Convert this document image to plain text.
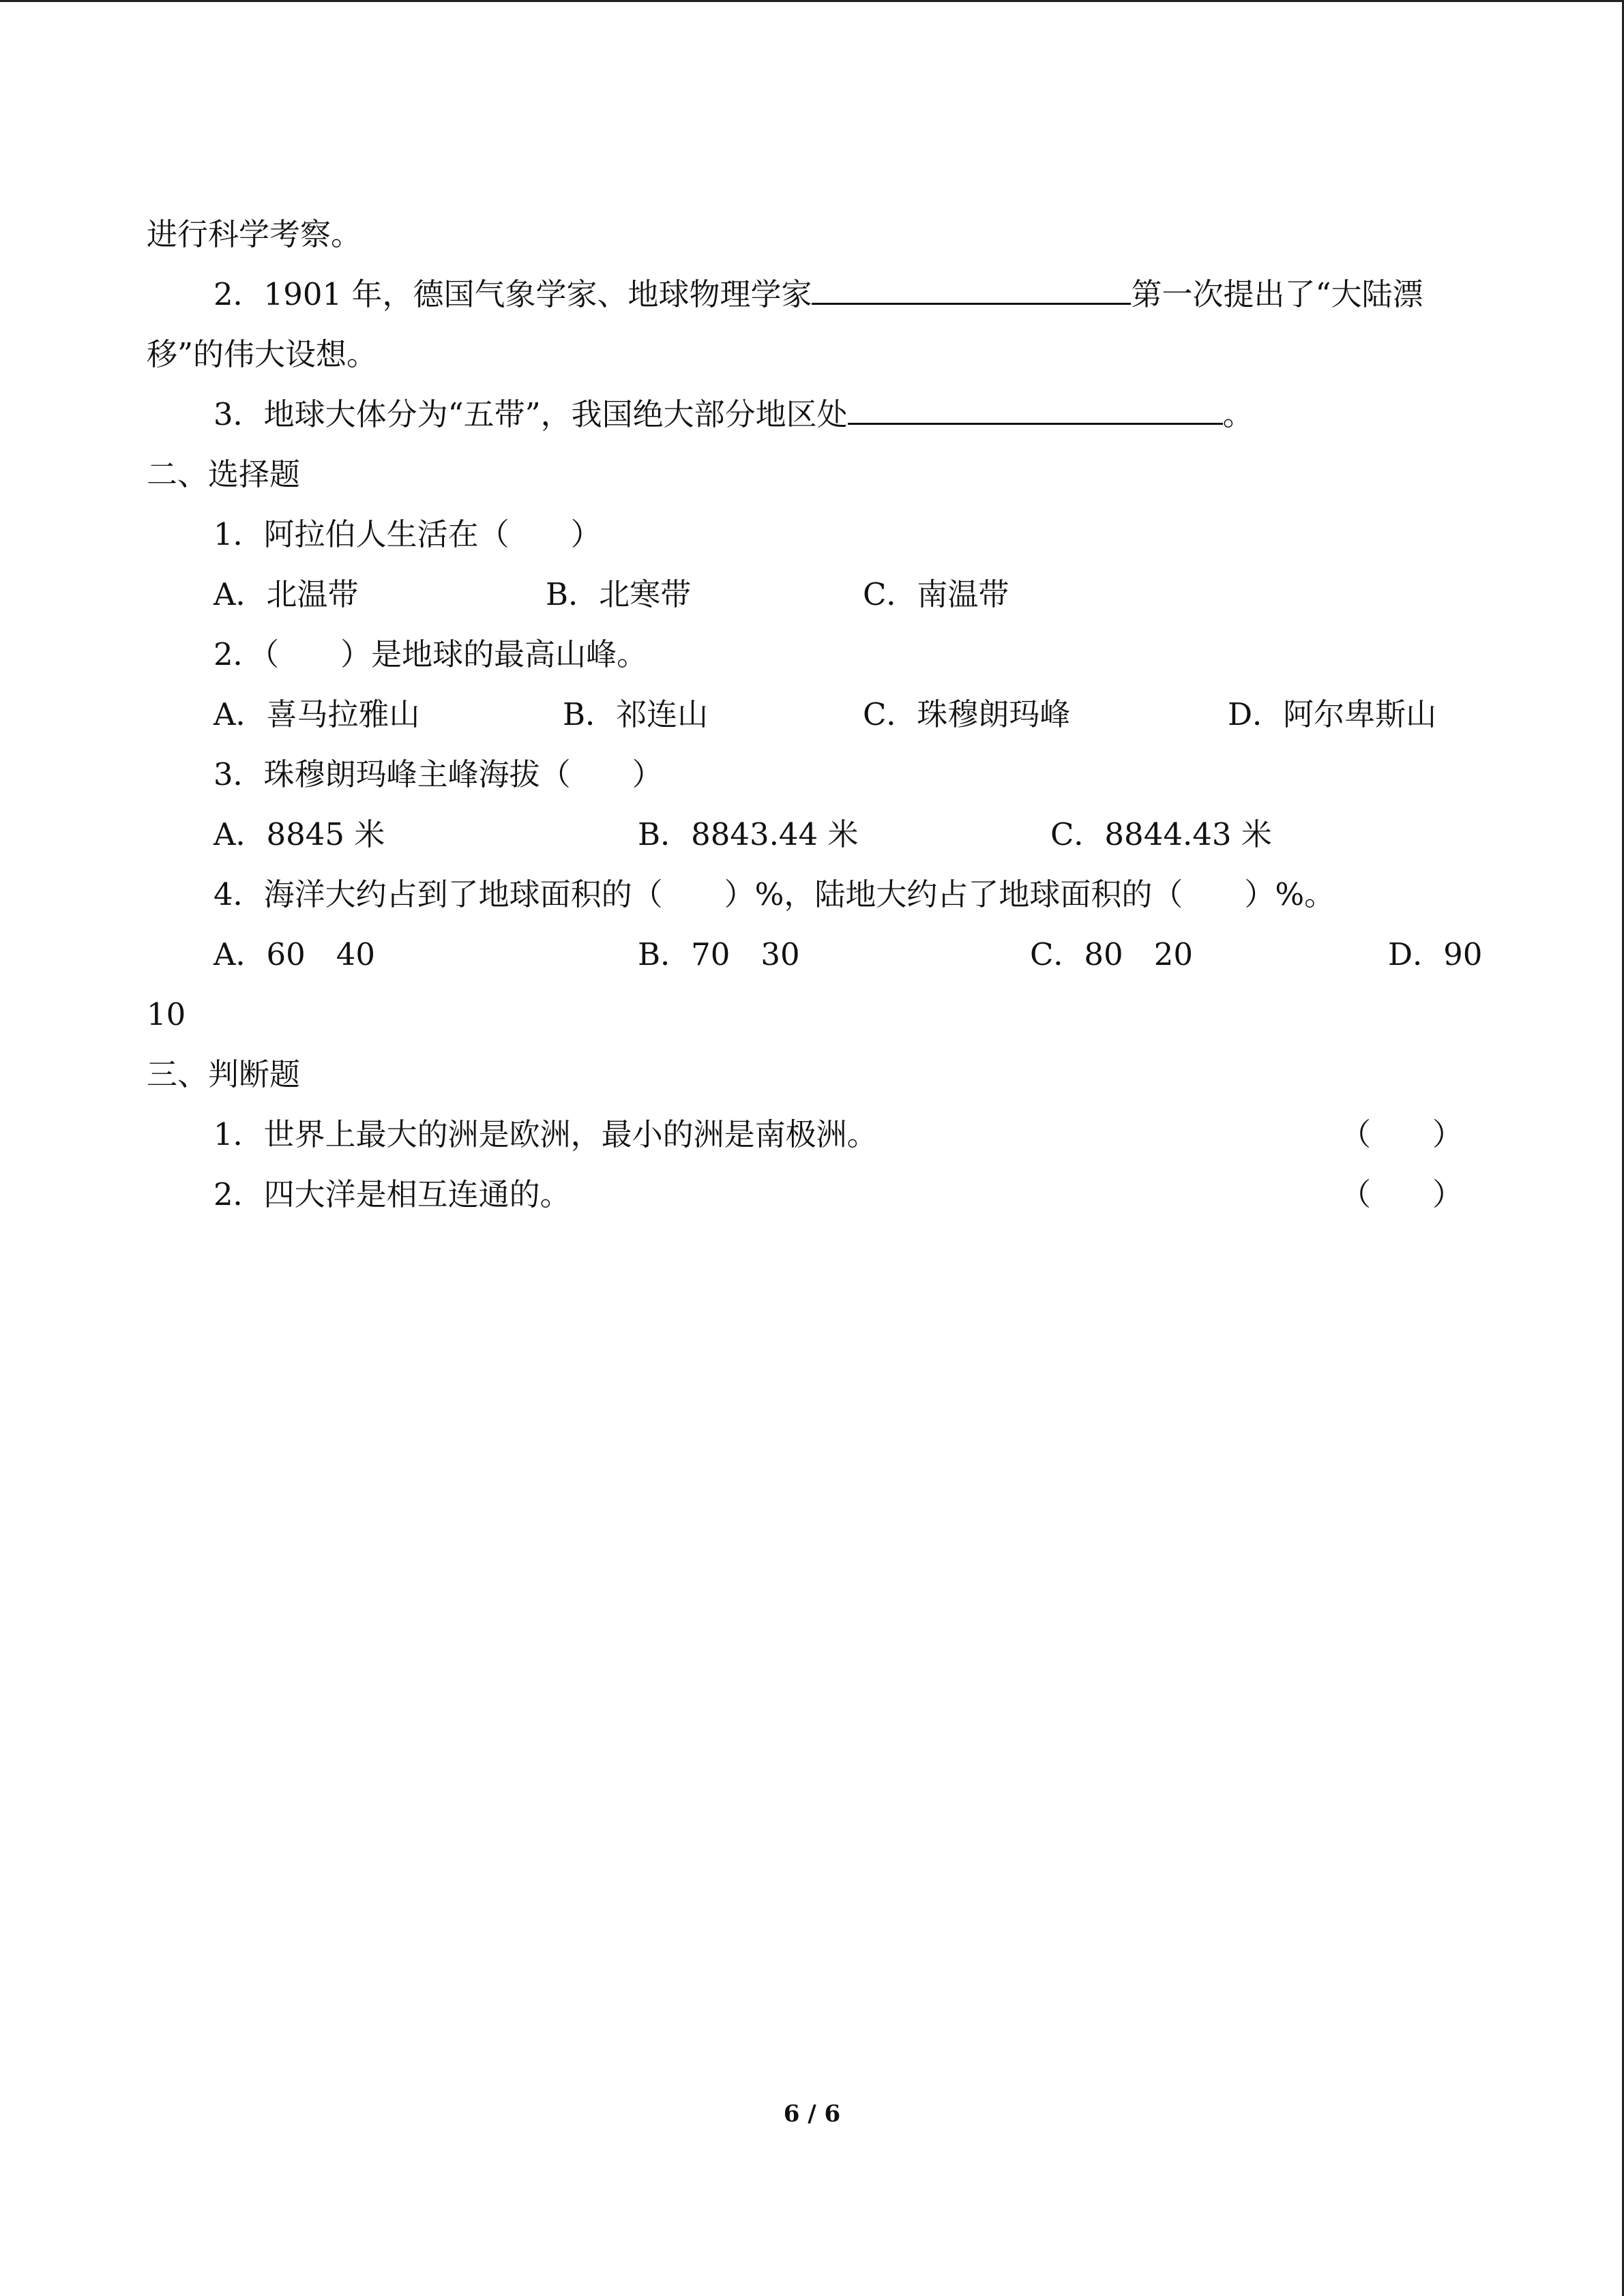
进行科学考察。
2．1901 年，德国气象学家、地球物理学家	第一次提出了“大陆漂
移”的伟大设想。
3．地球大体分为“五带”，我国绝大部分地区处	。
二、选择题
1．阿拉伯人生活在（　　）
A．北温带	B．北寒带	C．南温带
2．（　　）是地球的最高山峰。
A．喜马拉雅山	B．祁连山	C．珠穆朗玛峰	D．阿尔卑斯山
3．珠穆朗玛峰主峰海拔（　　）
A．8845 米	B．8843.44 米	C．8844.43 米
4．海洋大约占到了地球面积的（　　）%，陆地大约占了地球面积的（　　）%。
A．60　40	B．70　30	C．80　20	D．90
10
三、判断题
1．世界上最大的洲是欧洲，最小的洲是南极洲。	（　　）
2．四大洋是相互连通的。	（　　）
6 / 6
